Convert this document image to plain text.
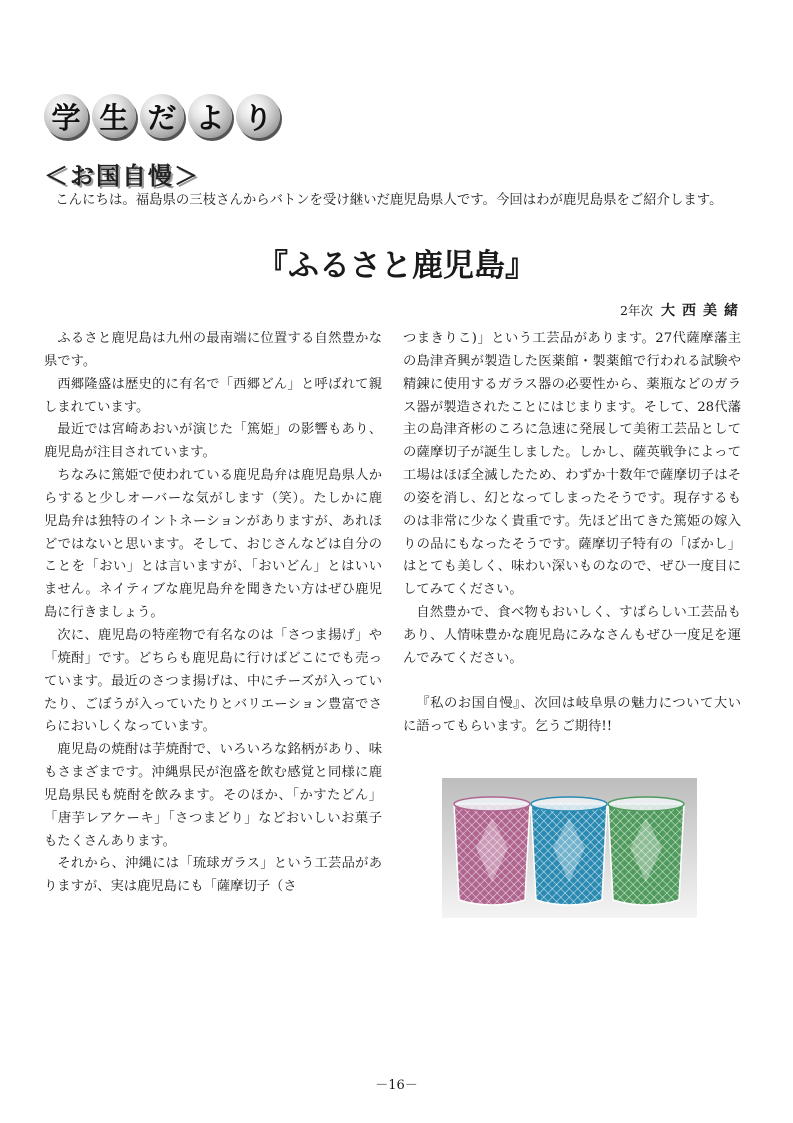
学 生 だ よ り
＜お国自慢＞

こんにちは。福島県の三枝さんからバトンを受け継いだ鹿児島県人です。今回はわが鹿児島県をご紹介します。

『ふるさと鹿児島』
2年次 大西美緒

ふるさと鹿児島は九州の最南端に位置する自然豊かな県です。

西郷隆盛は歴史的に有名で「西郷どん」と呼ばれて親しまれています。

最近では宮崎あおいが演じた「篤姫」の影響もあり、鹿児島が注目されています。

ちなみに篤姫で使われている鹿児島弁は鹿児島県人からすると少しオーバーな気がします（笑）。たしかに鹿児島弁は独特のイントネーションがありますが、あれほどではないと思います。そして、おじさんなどは自分のことを「おい」とは言いますが、「おいどん」とはいいません。ネイティブな鹿児島弁を聞きたい方はぜひ鹿児島に行きましょう。

次に、鹿児島の特産物で有名なのは「さつま揚げ」や「焼酎」です。どちらも鹿児島に行けばどこにでも売っています。最近のさつま揚げは、中にチーズが入っていたり、ごぼうが入っていたりとバリエーション豊富でさらにおいしくなっています。

鹿児島の焼酎は芋焼酎で、いろいろな銘柄があり、味もさまざまです。沖縄県民が泡盛を飲む感覚と同様に鹿児島県民も焼酎を飲みます。そのほか、「かすたどん」「唐芋レアケーキ」「さつまどり」などおいしいお菓子もたくさんあります。

それから、沖縄には「琉球ガラス」という工芸品がありますが、実は鹿児島にも「薩摩切子（さ

つまきりこ)」という工芸品があります。27代薩摩藩主の島津斉興が製造した医薬館・製薬館で行われる試験や精錬に使用するガラス器の必要性から、薬瓶などのガラス器が製造されたことにはじまります。そして、28代藩主の島津斉彬のころに急速に発展して美術工芸品としての薩摩切子が誕生しました。しかし、薩英戦争によって工場はほぼ全滅したため、わずか十数年で薩摩切子はその姿を消し、幻となってしまったそうです。現存するものは非常に少なく貴重です。先ほど出てきた篤姫の嫁入りの品にもなったそうです。薩摩切子特有の「ぼかし」はとても美しく、味わい深いものなので、ぜひ一度目にしてみてください。

自然豊かで、食べ物もおいしく、すばらしい工芸品もあり、人情味豊かな鹿児島にみなさんもぜひ一度足を運んでみてください。

『私のお国自慢』、次回は岐阜県の魅力について大いに語ってもらいます。乞うご期待!!

－16－
